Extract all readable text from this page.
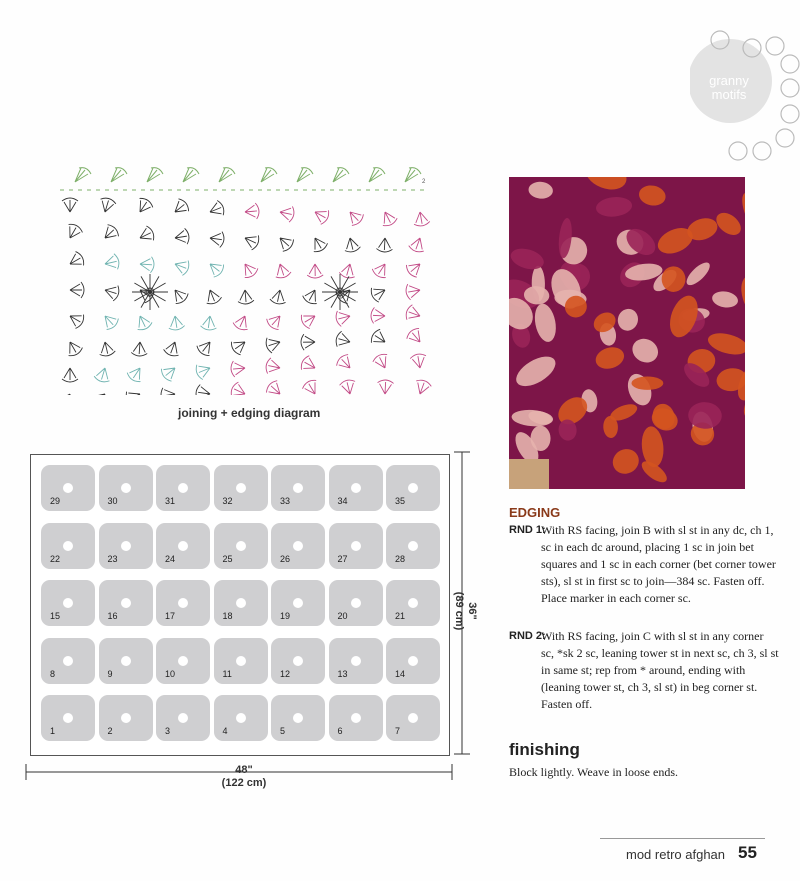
granny
motifs
2
joining + edging diagram
29	30	31	32	33	34	35
22	23	24	25	26	27	28
15	16	17	18	19	20	21
8	9	10	11	12	13	14
1	2	3	4	5	6	7
48"
(122 cm)
36"
(89 cm)
EDGING
RND 1:
With RS facing, join B with sl st in any dc, ch 1, sc in each dc around, placing 1 sc in join bet squares and 1 sc in each corner (bet corner tower sts), sl st in first sc to join—384 sc. Fasten off. Place marker in each corner sc.
RND 2:
With RS facing, join C with sl st in any corner sc, *sk 2 sc, leaning tower st in next sc, ch 3, sl st in same st; rep from * around, ending with (leaning tower st, ch 3, sl st) in beg corner st. Fasten off.
finishing
Block lightly. Weave in loose ends.
mod retro afghan 55
